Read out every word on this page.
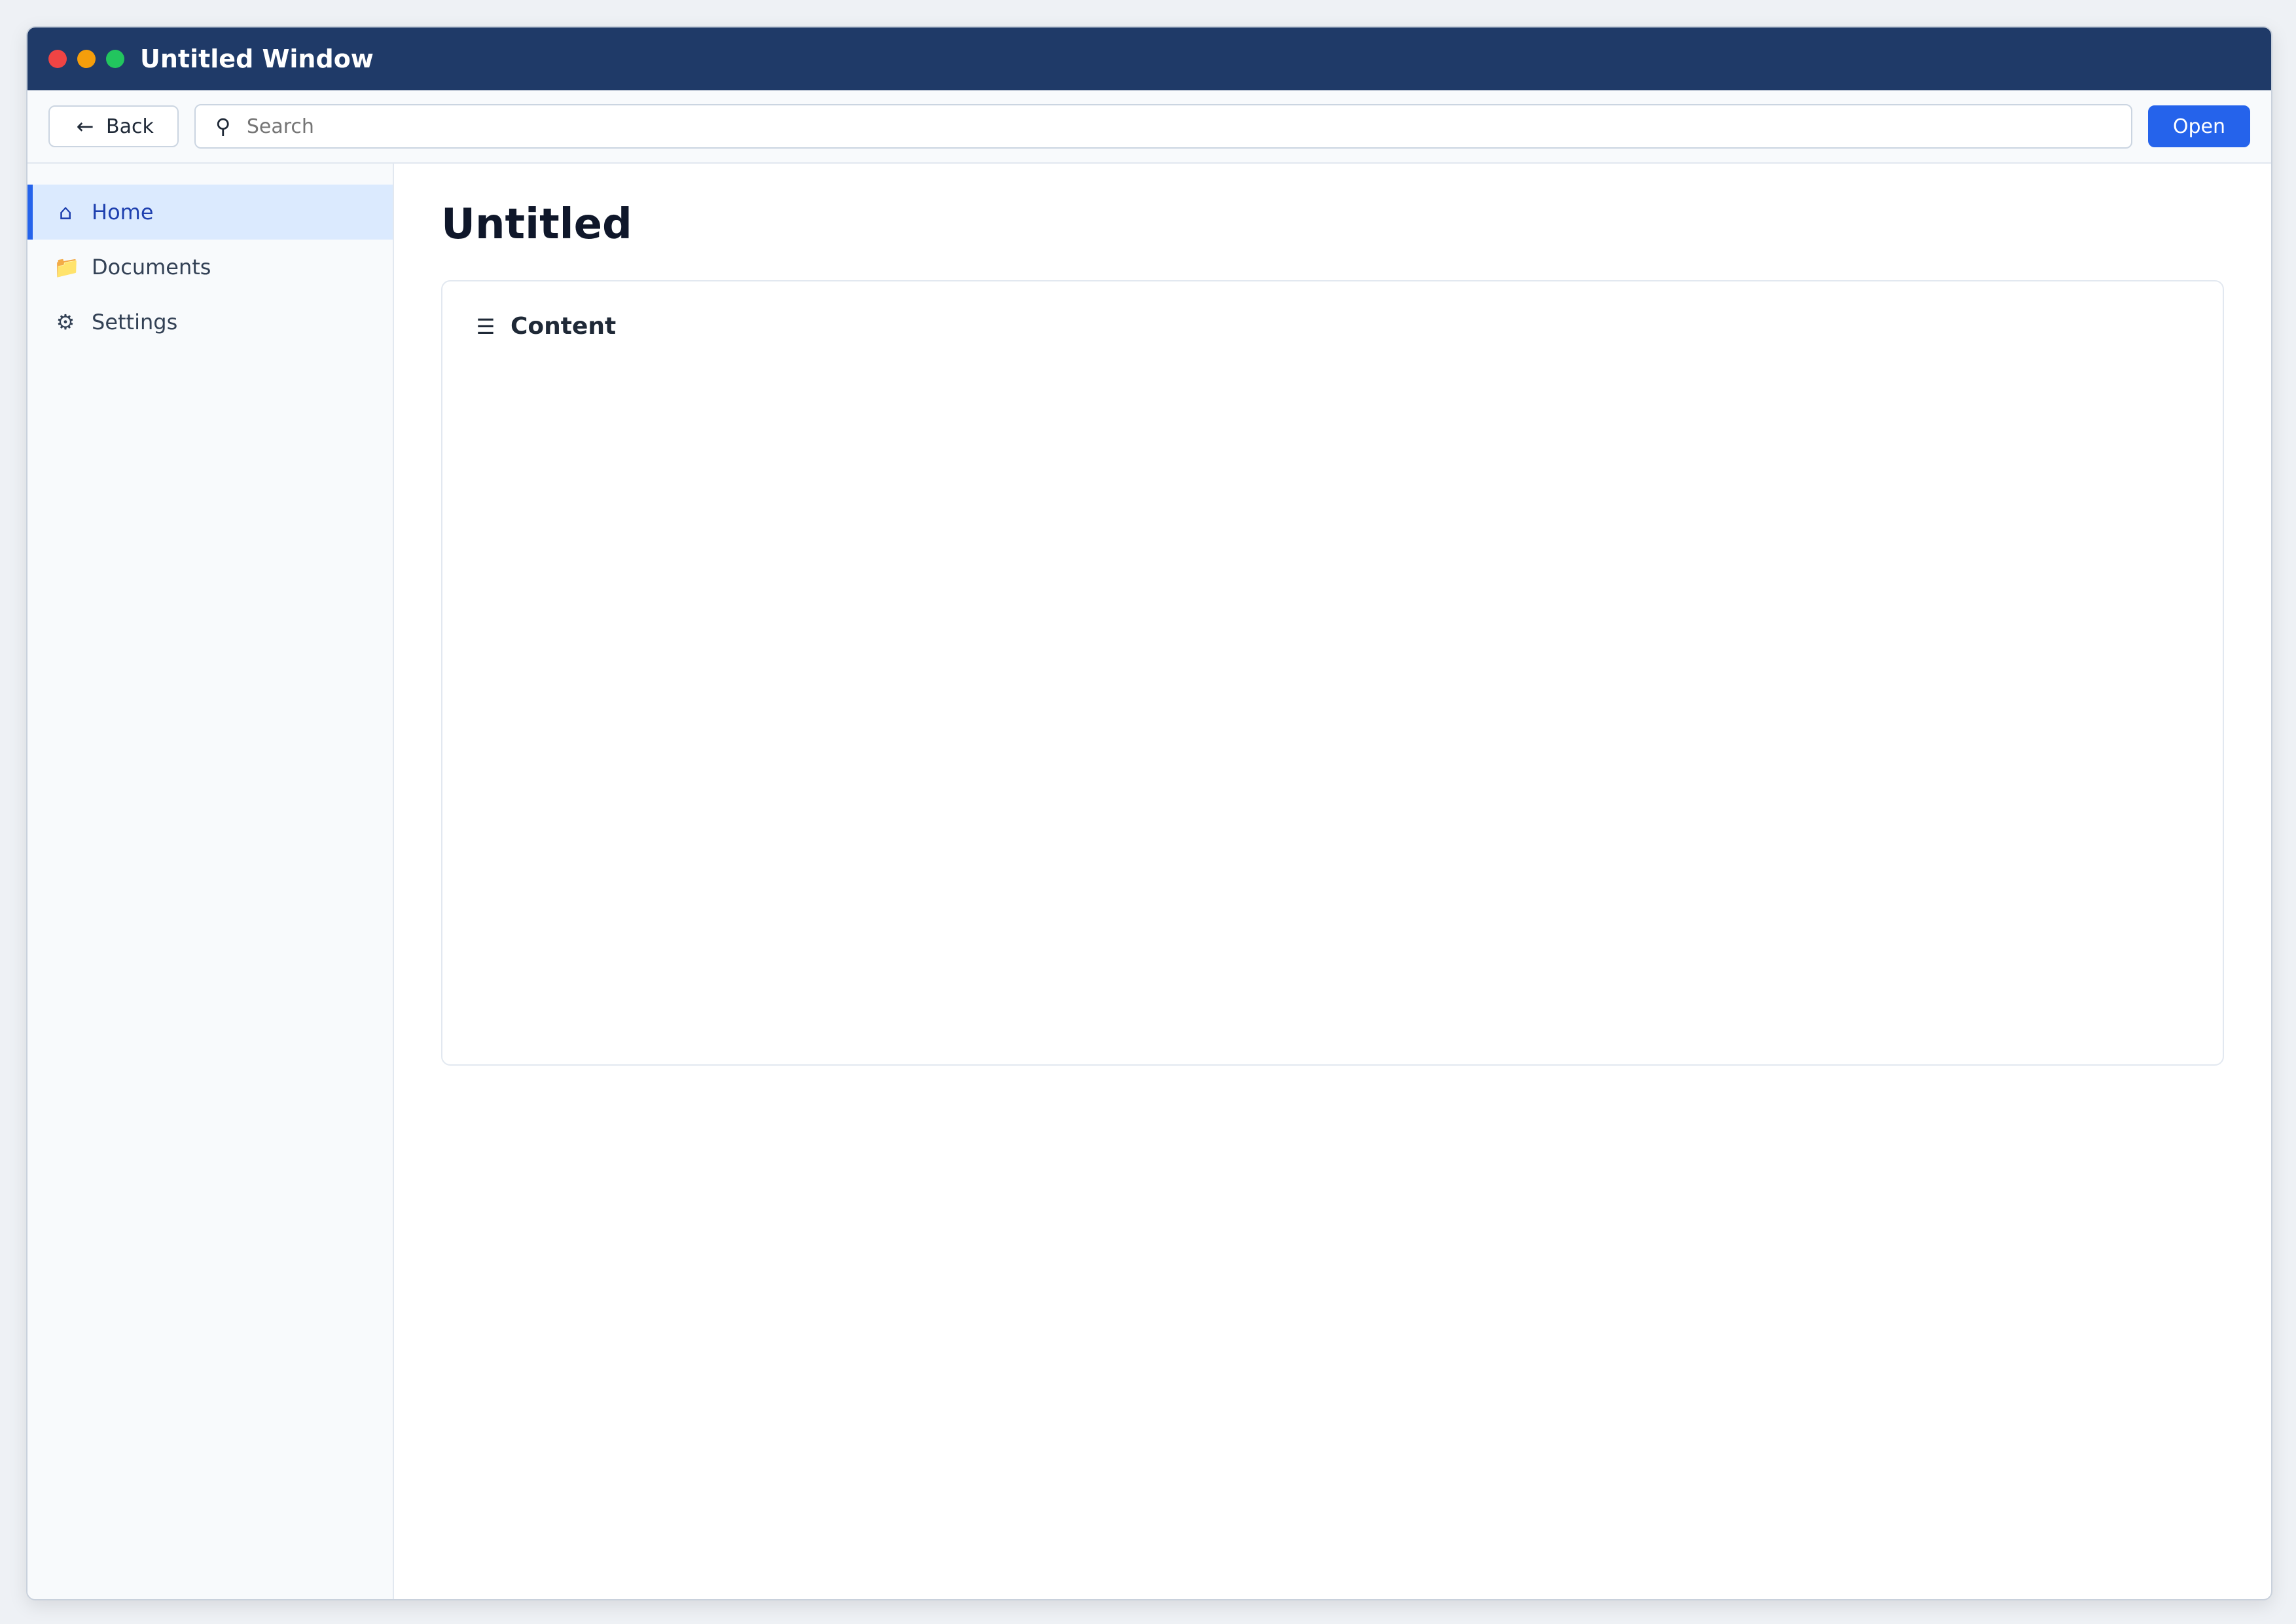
Untitled Window
← Back	⚲
Search	Open
⌂ Home
📁 Documents
⚙ Settings
Untitled

☰ Content
